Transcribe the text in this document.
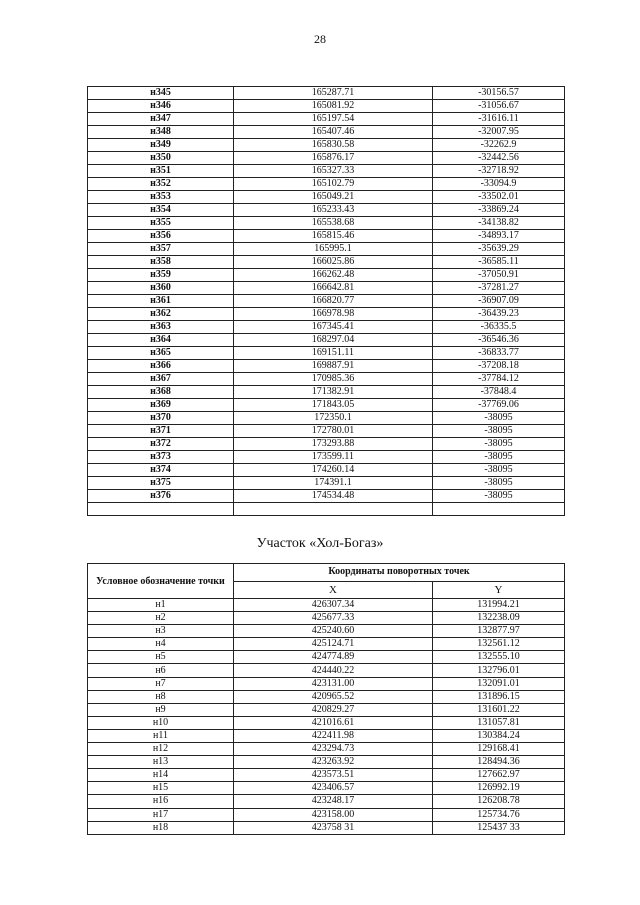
28
н345	165287.71	-30156.57
н346	165081.92	-31056.67
н347	165197.54	-31616.11
н348	165407.46	-32007.95
н349	165830.58	-32262.9
н350	165876.17	-32442.56
н351	165327.33	-32718.92
н352	165102.79	-33094.9
н353	165049.21	-33502.01
н354	165233.43	-33869.24
н355	165538.68	-34138.82
н356	165815.46	-34893.17
н357	165995.1	-35639.29
н358	166025.86	-36585.11
н359	166262.48	-37050.91
н360	166642.81	-37281.27
н361	166820.77	-36907.09
н362	166978.98	-36439.23
н363	167345.41	-36335.5
н364	168297.04	-36546.36
н365	169151.11	-36833.77
н366	169887.91	-37208.18
н367	170985.36	-37784.12
н368	171382.91	-37848.4
н369	171843.05	-37769.06
н370	172350.1	-38095
н371	172780.01	-38095
н372	173293.88	-38095
н373	173599.11	-38095
н374	174260.14	-38095
н375	174391.1	-38095
н376	174534.48	-38095

Участок «Хол-Богаз»
Условное обозначение точки	Координаты поворотных точек	
	X	Y
н1	426307.34	131994.21
н2	425677.33	132238.09
н3	425240.60	132877.97
н4	425124.71	132561.12
н5	424774.89	132555.10
н6	424440.22	132796.01
н7	423131.00	132091.01
н8	420965.52	131896.15
н9	420829.27	131601.22
н10	421016.61	131057.81
н11	422411.98	130384.24
н12	423294.73	129168.41
н13	423263.92	128494.36
н14	423573.51	127662.97
н15	423406.57	126992.19
н16	423248.17	126208.78
н17	423158.00	125734.76
н18	423758 31	125437 33
